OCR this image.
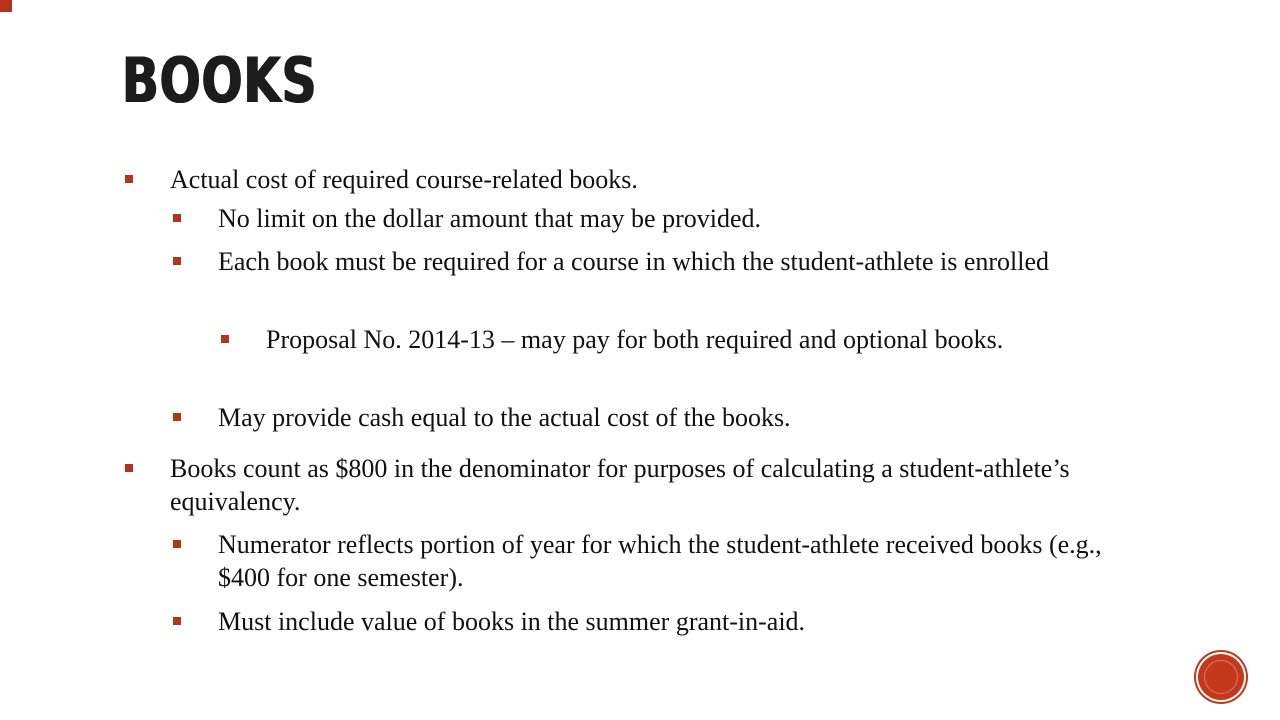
BOOKS
Actual cost of required course-related books.
No limit on the dollar amount that may be provided.
Each book must be required for a course in which the student-athlete is enrolled
Proposal No. 2014-13 – may pay for both required and optional books.
May provide cash equal to the actual cost of the books.
Books count as $800 in the denominator for purposes of calculating a student-athlete’s equivalency.
Numerator reflects portion of year for which the student-athlete received books (e.g., $400 for one semester).
Must include value of books in the summer grant-in-aid.
